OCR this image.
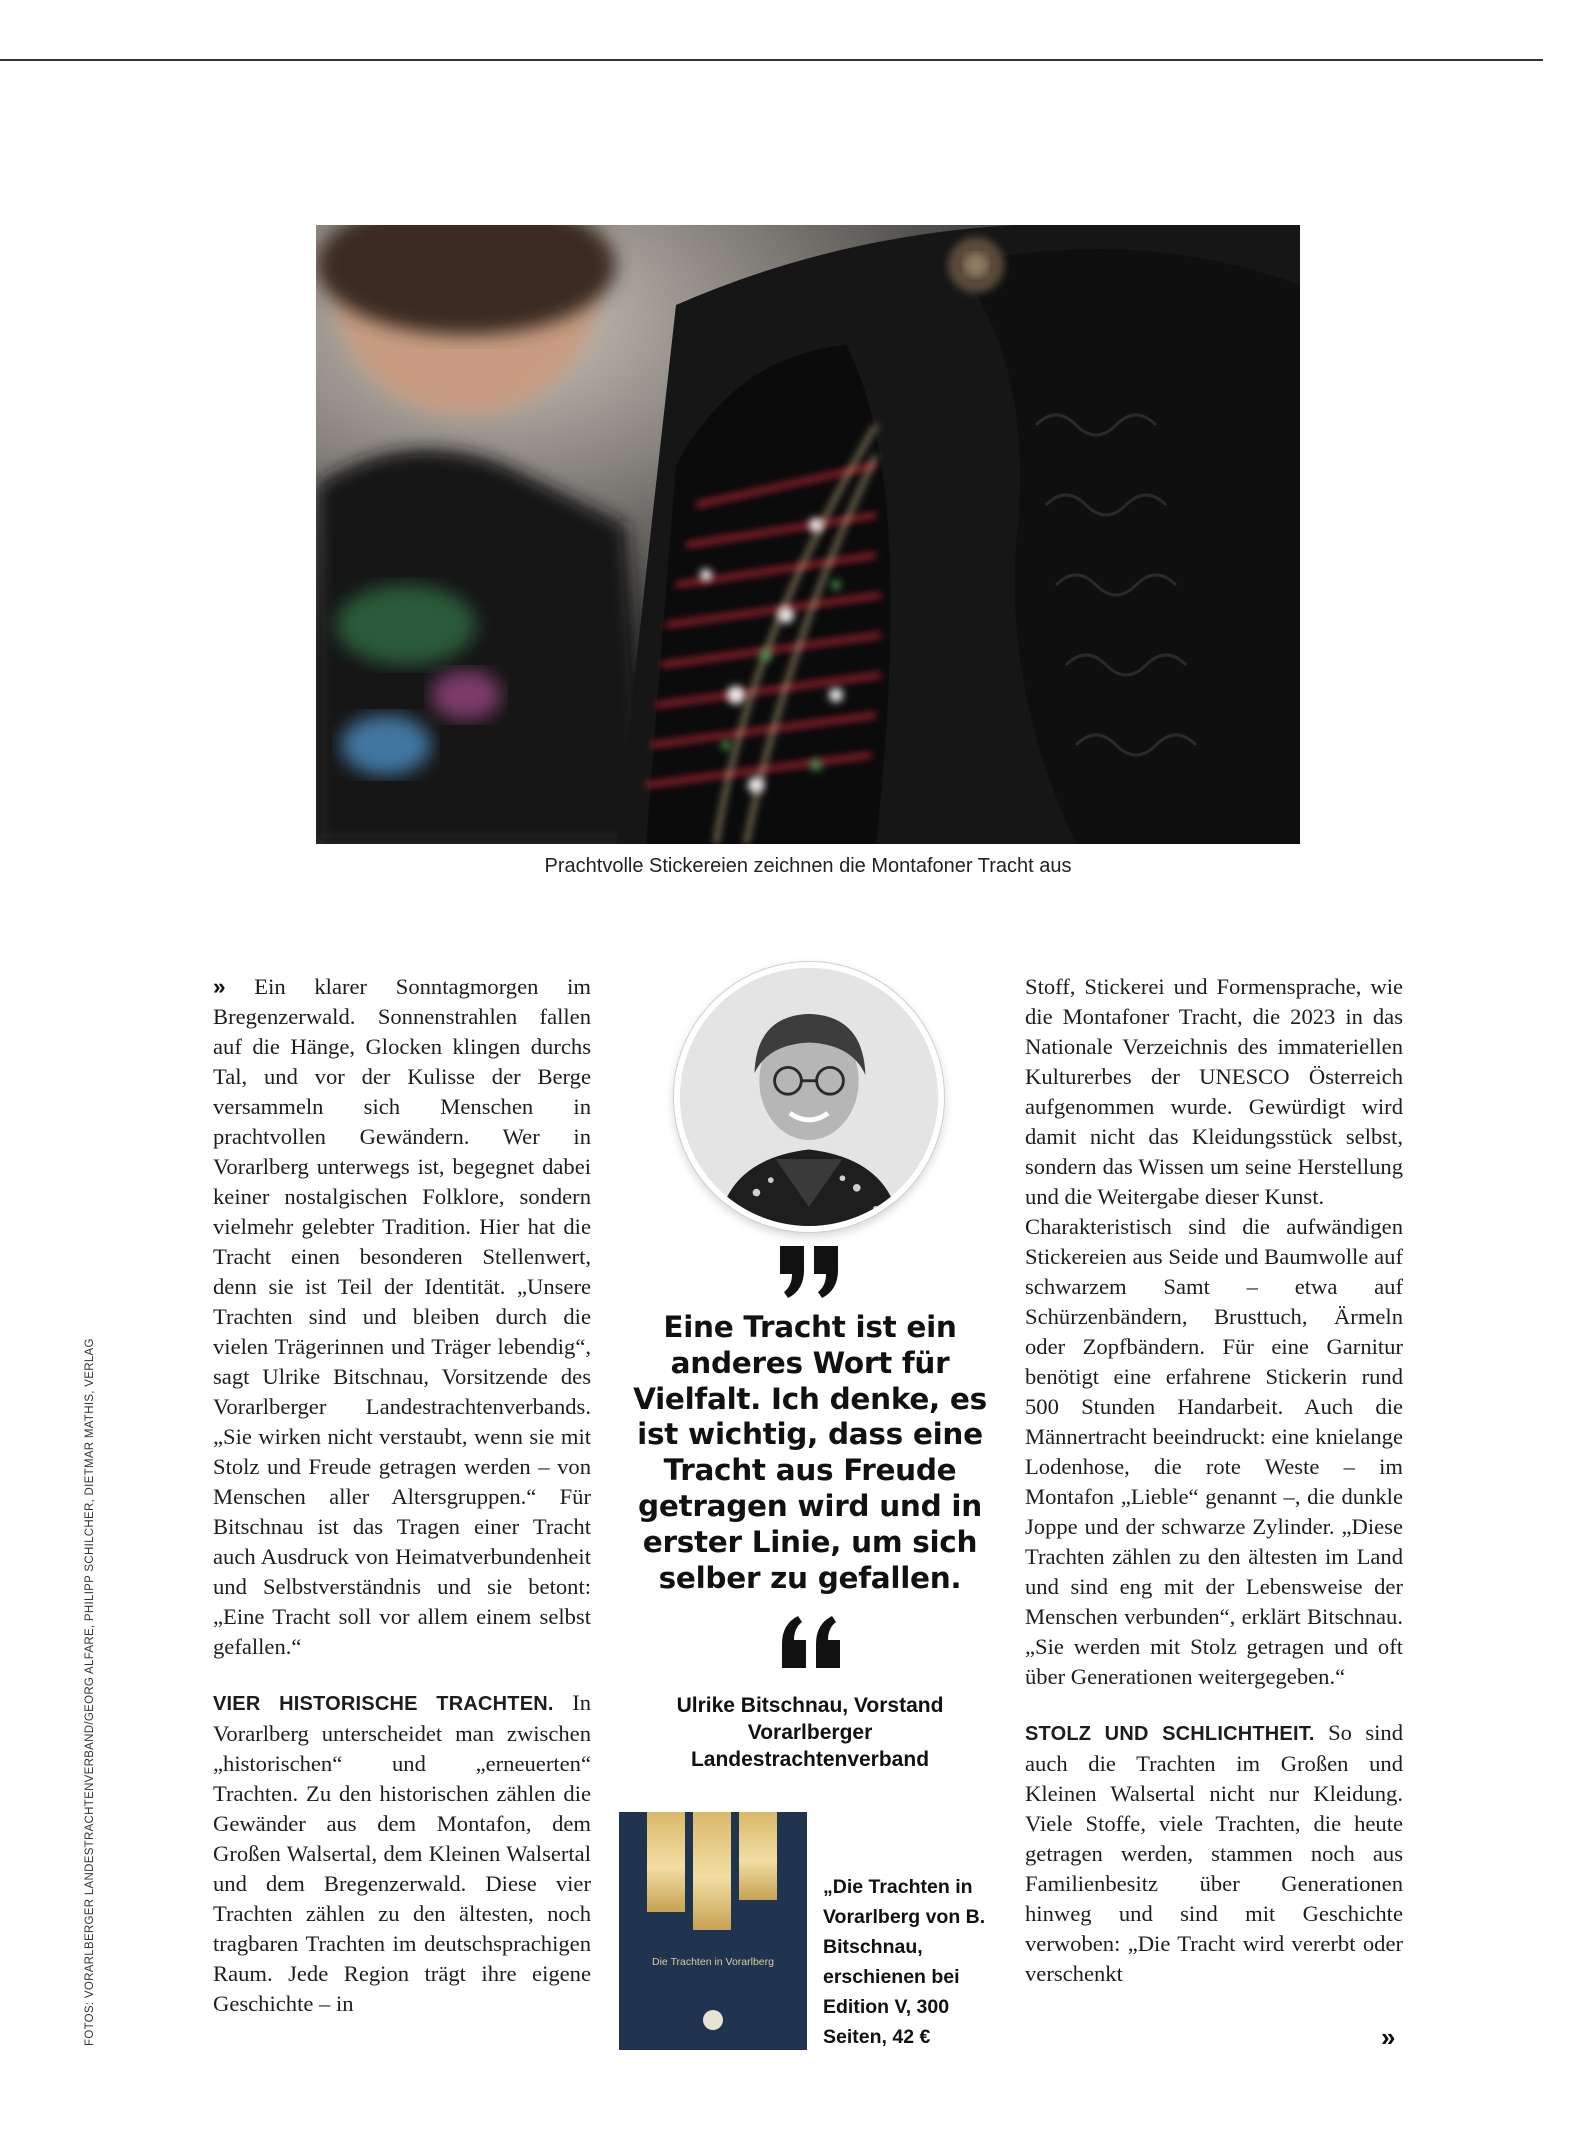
Prachtvolle Stickereien zeichnen die Montafoner Tracht aus

» Ein klarer Sonntagmorgen im Bregenzerwald. Sonnenstrahlen fallen auf die Hänge, Glocken klingen durchs Tal, und vor der Kulisse der Berge versammeln sich Menschen in prachtvollen Gewändern. Wer in Vorarlberg unterwegs ist, begegnet dabei keiner nostalgischen Folklore, sondern vielmehr gelebter Tradition. Hier hat die Tracht einen besonderen Stellenwert, denn sie ist Teil der Identität. „Unsere Trachten sind und bleiben durch die vielen Trägerinnen und Träger lebendig“, sagt Ulrike Bitschnau, Vorsitzende des Vorarlberger Landestrachtenverbands. „Sie wirken nicht verstaubt, wenn sie mit Stolz und Freude getragen werden – von Menschen aller Altersgruppen.“ Für Bitschnau ist das Tragen einer Tracht auch Ausdruck von Heimatverbundenheit und Selbstverständnis und sie betont: „Eine Tracht soll vor allem einem selbst gefallen.“

VIER HISTORISCHE TRACHTEN. In Vorarlberg unterscheidet man zwischen „historischen“ und „erneuerten“ Trachten. Zu den historischen zählen die Gewänder aus dem Montafon, dem Großen Walsertal, dem Kleinen Walsertal und dem Bregenzerwald. Diese vier Trachten zählen zu den ältesten, noch tragbaren Trachten im deutschsprachigen Raum. Jede Region trägt ihre eigene Geschichte – in

Eine Tracht ist ein anderes Wort für Vielfalt. Ich denke, es ist wichtig, dass eine Tracht aus Freude getragen wird und in erster Linie, um sich selber zu gefallen.
Ulrike Bitschnau, Vorstand
Vorarlberger
Landestrachtenverband
Die Trachten in Vorarlberg
„Die Trachten in Vorarlberg von B. Bitschnau, erschienen bei Edition V, 300 Seiten, 42 €

Stoff, Stickerei und Formensprache, wie die Montafoner Tracht, die 2023 in das Nationale Verzeichnis des immateriellen Kulturerbes der UNESCO Österreich aufgenommen wurde. Gewürdigt wird damit nicht das Kleidungsstück selbst, sondern das Wissen um seine Herstellung und die Weitergabe dieser Kunst.

Charakteristisch sind die aufwändigen Stickereien aus Seide und Baumwolle auf schwarzem Samt – etwa auf Schürzenbändern, Brusttuch, Ärmeln oder Zopfbändern. Für eine Garnitur benötigt eine erfahrene Stickerin rund 500 Stunden Handarbeit. Auch die Männertracht beeindruckt: eine knielange Lodenhose, die rote Weste – im Montafon „Lieble“ genannt –, die dunkle Joppe und der schwarze Zylinder. „Diese Trachten zählen zu den ältesten im Land und sind eng mit der Lebensweise der Menschen verbunden“, erklärt Bitschnau. „Sie werden mit Stolz getragen und oft über Generationen weitergegeben.“

STOLZ UND SCHLICHTHEIT. So sind auch die Trachten im Großen und Kleinen Walsertal nicht nur Kleidung. Viele Stoffe, viele Trachten, die heute getragen werden, stammen noch aus Familienbesitz über Generationen hinweg und sind mit Geschichte verwoben: „Die Tracht wird vererbt oder verschenkt

»
FOTOS: VORARLBERGER LANDESTRACHTENVERBAND/GEORG ALFARE, PHILIPP SCHILCHER, DIETMAR MATHIS, VERLAG
